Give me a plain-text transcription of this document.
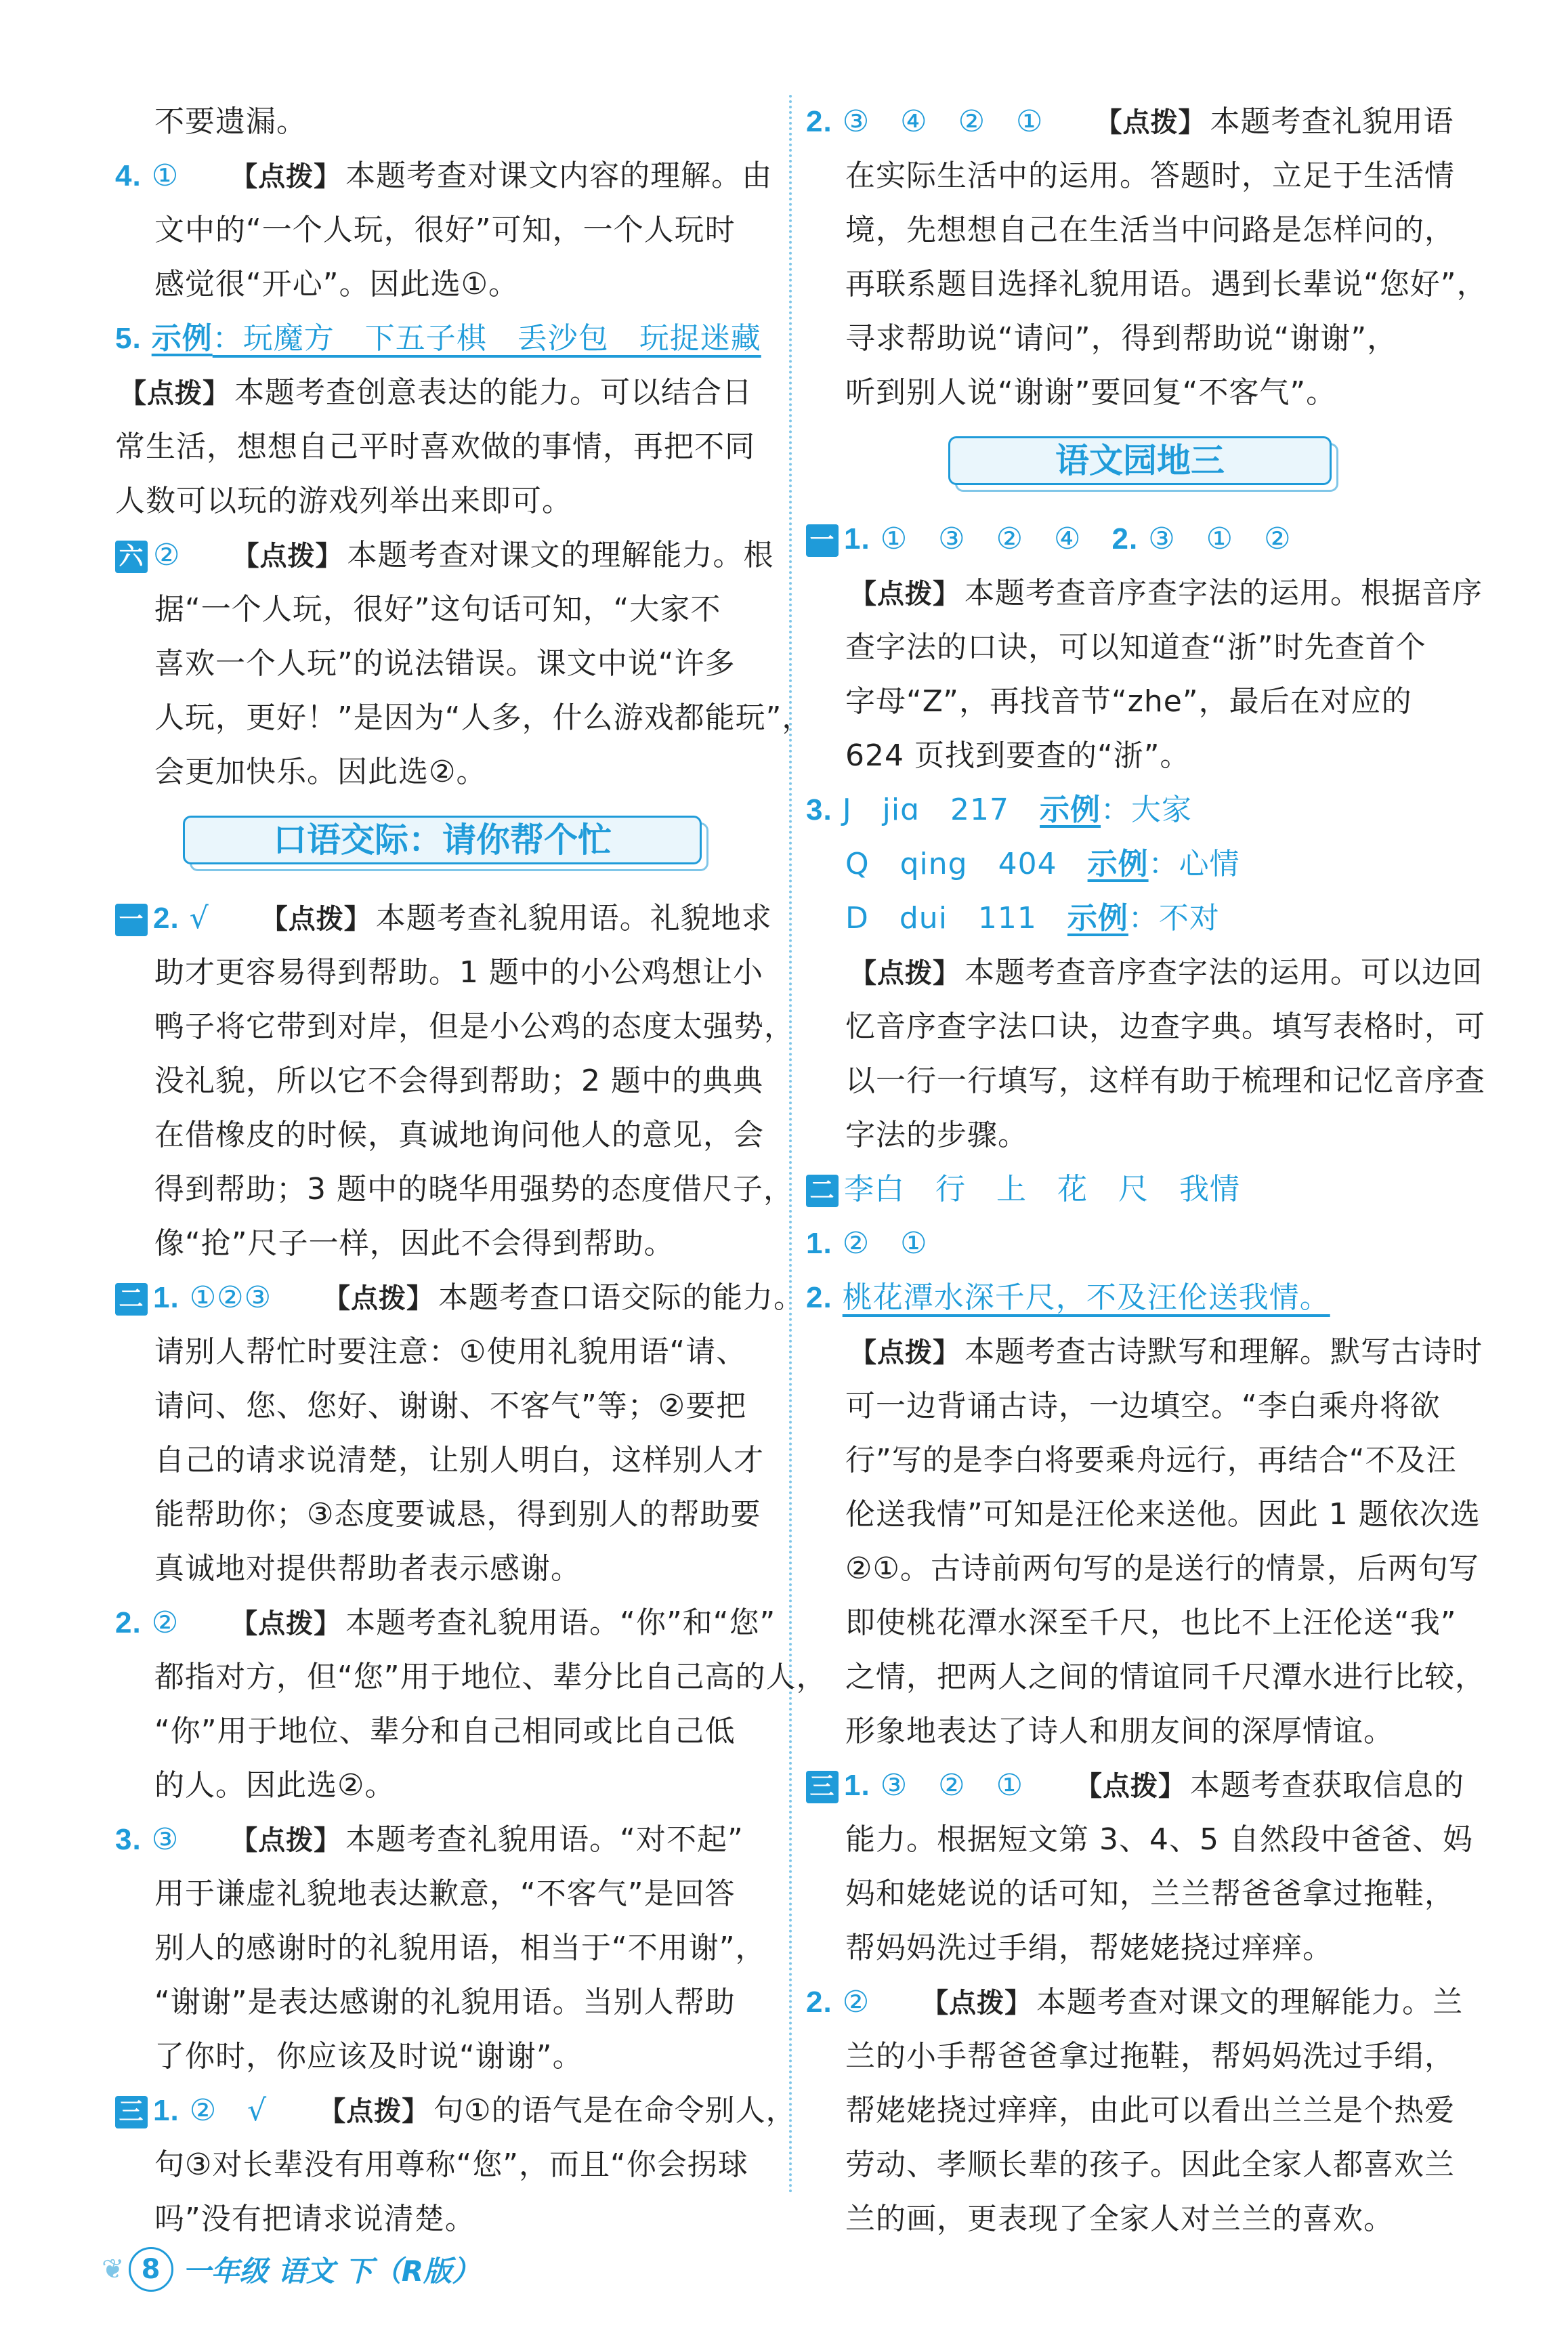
不要遗漏。
4. ①　　	【 点拨 】 本题考查对课文内容的理解。由
文中的“一个人玩，很好”可知，一个人玩时
感觉很“开心”。因此选①。
5. 示例：玩魔方　下五子棋　丢沙包　玩捉迷藏
【 点拨 】 本题考查创意表达的能力。可以结合日
常生活，想想自己平时喜欢做的事情，再把不同
人数可以玩的游戏列举出来即可。
六 ②　　	【 点拨 】 本题考查对课文的理解能力。根
据“一个人玩，很好”这句话可知，“大家不
喜欢一个人玩”的说法错误。课文中说“许多
人玩，更好！”是因为“人多，什么游戏都能玩”，
会更加快乐。因此选②。
口语交际：请你帮个忙
一 2. √　　	【 点拨 】 本题考查礼貌用语。礼貌地求
助才更容易得到帮助。1 题中的小公鸡想让小
鸭子将它带到对岸，但是小公鸡的态度太强势，
没礼貌，所以它不会得到帮助；2 题中的典典
在借橡皮的时候，真诚地询问他人的意见，会
得到帮助；3 题中的晓华用强势的态度借尺子，
像“抢”尺子一样，因此不会得到帮助。
二 1. ①②③　　	【 点拨 】 本题考查口语交际的能力。
请别人帮忙时要注意：①使用礼貌用语“请、
请问、您、您好、谢谢、不客气”等；②要把
自己的请求说清楚，让别人明白，这样别人才
能帮助你；③态度要诚恳，得到别人的帮助要
真诚地对提供帮助者表示感谢。
2. ②　　	【 点拨 】 本题考查礼貌用语。“你”和“您”
都指对方，但“您”用于地位、辈分比自己高的人，
“你”用于地位、辈分和自己相同或比自己低
的人。因此选②。
3. ③　　	【 点拨 】 本题考查礼貌用语。“对不起”
用于谦虚礼貌地表达歉意，“不客气”是回答
别人的感谢时的礼貌用语，相当于“不用谢”，
“谢谢”是表达感谢的礼貌用语。当别人帮助
了你时，你应该及时说“谢谢”。
三 1. ②　√　　	【 点拨 】 句①的语气是在命令别人，
句③对长辈没有用尊称“您”，而且“你会拐球
吗”没有把请求说清楚。
2. ③　④　②　①　　	【 点拨 】 本题考查礼貌用语
在实际生活中的运用。答题时，立足于生活情
境，先想想自己在生活当中问路是怎样问的，
再联系题目选择礼貌用语。遇到长辈说“您好”，
寻求帮助说“请问”，得到帮助说“谢谢”，
听到别人说“谢谢”要回复“不客气”。
语文园地三
一 1. ①　③　②　④　 2. ③　①　②
【 点拨 】 本题考查音序查字法的运用。根据音序
查字法的口诀，可以知道查“浙”时先查首个
字母“Z”，再找音节“zhe”，最后在对应的
624 页找到要查的“浙”。
3. J　jiɑ　217　 示例：大家
Q　qing　404　 示例：心情
D　dui　111　 示例：不对
【 点拨 】 本题考查音序查字法的运用。可以边回
忆音序查字法口诀，边查字典。填写表格时，可
以一行一行填写，这样有助于梳理和记忆音序查
字法的步骤。
二 李白　行　上　花　尺　我情
1. ②　①
2. 桃花潭水深千尺，不及汪伦送我情。
【 点拨 】 本题考查古诗默写和理解。默写古诗时
可一边背诵古诗，一边填空。“李白乘舟将欲
行”写的是李白将要乘舟远行，再结合“不及汪
伦送我情”可知是汪伦来送他。因此 1 题依次选
②①。古诗前两句写的是送行的情景，后两句写
即使桃花潭水深至千尺，也比不上汪伦送“我”
之情，把两人之间的情谊同千尺潭水进行比较，
形象地表达了诗人和朋友间的深厚情谊。
三 1. ③　②　①　　	【 点拨 】 本题考查获取信息的
能力。根据短文第 3、4、5 自然段中爸爸、妈
妈和姥姥说的话可知，兰兰帮爸爸拿过拖鞋，
帮妈妈洗过手绢，帮姥姥挠过痒痒。
2. ②　　	【 点拨 】 本题考查对课文的理解能力。兰
兰的小手帮爸爸拿过拖鞋，帮妈妈洗过手绢，
帮姥姥挠过痒痒，由此可以看出兰兰是个热爱
劳动、孝顺长辈的孩子。因此全家人都喜欢兰
兰的画，更表现了全家人对兰兰的喜欢。
❦ 8 一年级 语文 下（R版）
